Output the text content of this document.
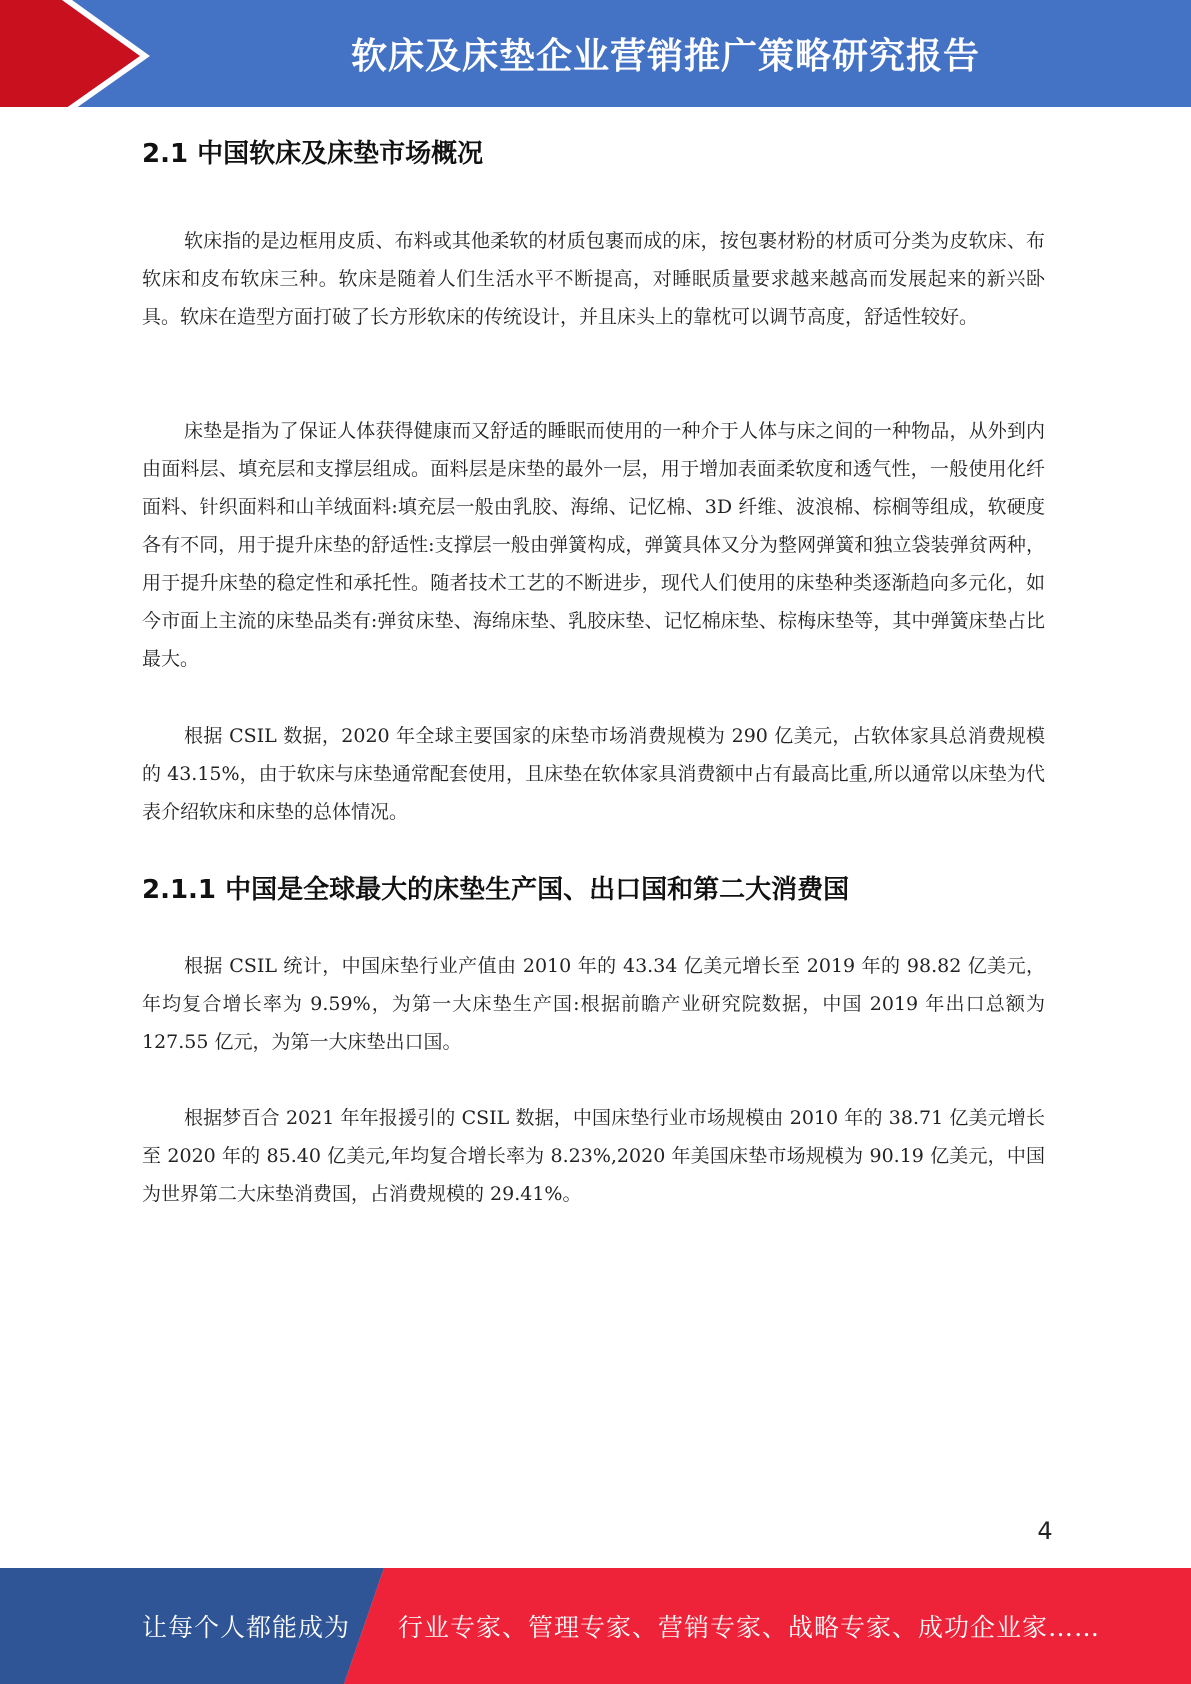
软床及床垫企业营销推广策略研究报告
2.1 中国软床及床垫市场概况

软床指的是边框用皮质、布料或其他柔软的材质包裹而成的床，按包裹材粉的材质可分类为皮软床、布软床和皮布软床三种。软床是随着人们生活水平不断提高，对睡眠质量要求越来越高而发展起来的新兴卧具。软床在造型方面打破了长方形软床的传统设计，并且床头上的靠枕可以调节高度，舒适性较好。

床垫是指为了保证人体获得健康而又舒适的睡眠而使用的一种介于人体与床之间的一种物品，从外到内由面料层、填充层和支撑层组成。面料层是床垫的最外一层，用于增加表面柔软度和透气性，一般使用化纤面料、针织面料和山羊绒面料:填充层一般由乳胶、海绵、记忆棉、3D 纤维、波浪棉、棕榈等组成，软硬度各有不同，用于提升床垫的舒适性:支撑层一般由弹簧构成，弹簧具体又分为整网弹簧和独立袋装弹贫两种，用于提升床垫的稳定性和承托性。随者技术工艺的不断进步，现代人们使用的床垫种类逐渐趋向多元化，如今市面上主流的床垫品类有:弹贫床垫、海绵床垫、乳胶床垫、记忆棉床垫、棕梅床垫等，其中弹簧床垫占比最大。

根据 CSIL 数据，2020 年全球主要国家的床垫市场消费规模为 290 亿美元，占软体家具总消费规模的 43.15%，由于软床与床垫通常配套使用，且床垫在软体家具消费额中占有最高比重,所以通常以床垫为代表介绍软床和床垫的总体情况。

2.1.1 中国是全球最大的床垫生产国、出口国和第二大消费国

根据 CSIL 统计，中国床垫行业产值由 2010 年的 43.34 亿美元增长至 2019 年的 98.82 亿美元，年均复合增长率为 9.59%，为第一大床垫生产国:根据前瞻产业研究院数据，中国 2019 年出口总额为 127.55 亿元，为第一大床垫出口国。

根据梦百合 2021 年年报援引的 CSIL 数据，中国床垫行业市场规模由 2010 年的 38.71 亿美元增长至 2020 年的 85.40 亿美元,年均复合增长率为 8.23%,2020 年美国床垫市场规模为 90.19 亿美元，中国为世界第二大床垫消费国，占消费规模的 29.41%。

4
让每个人都能成为 行业专家、管理专家、营销专家、战略专家、成功企业家……
